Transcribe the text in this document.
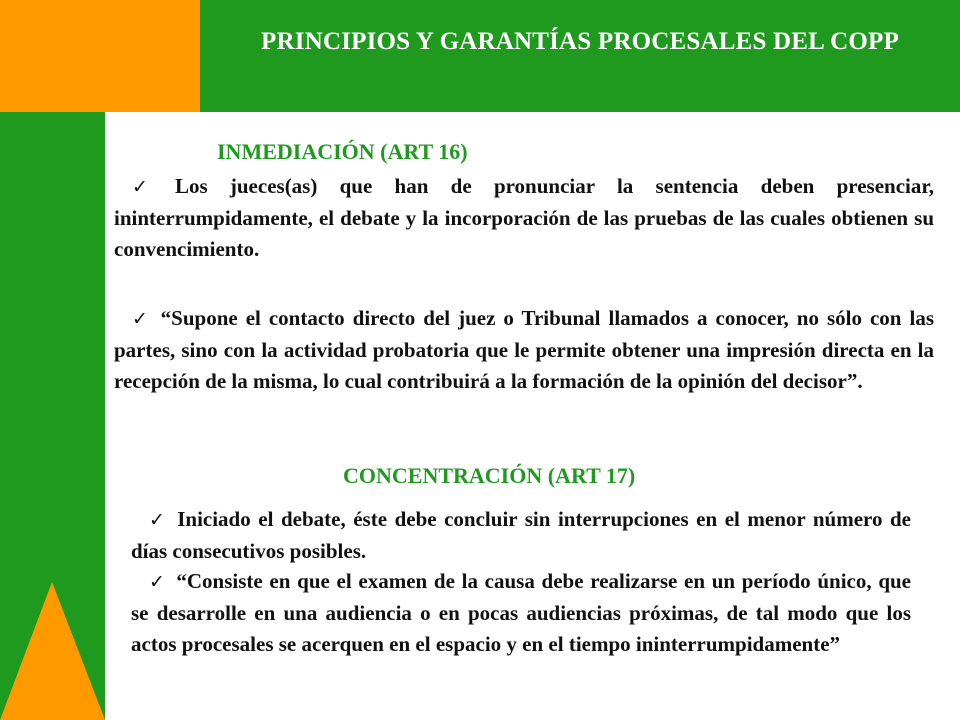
PRINCIPIOS Y GARANTÍAS PROCESALES DEL COPP
INMEDIACIÓN (ART 16)
✓ Los jueces(as) que han de pronunciar la sentencia deben presenciar, ininterrumpidamente, el debate y la incorporación de las pruebas de las cuales obtienen su convencimiento.
✓ “Supone el contacto directo del juez o Tribunal llamados a conocer, no sólo con las partes, sino con la actividad probatoria que le permite obtener una impresión directa en la recepción de la misma, lo cual contribuirá a la formación de la opinión del decisor”.
CONCENTRACIÓN (ART 17)
✓ Iniciado el debate, éste debe concluir sin interrupciones en el menor número de días consecutivos posibles.
✓ “Consiste en que el examen de la causa debe realizarse en un período único, que se desarrolle en una audiencia o en pocas audiencias próximas, de tal modo que los actos procesales se acerquen en el espacio y en el tiempo ininterrumpidamente”
